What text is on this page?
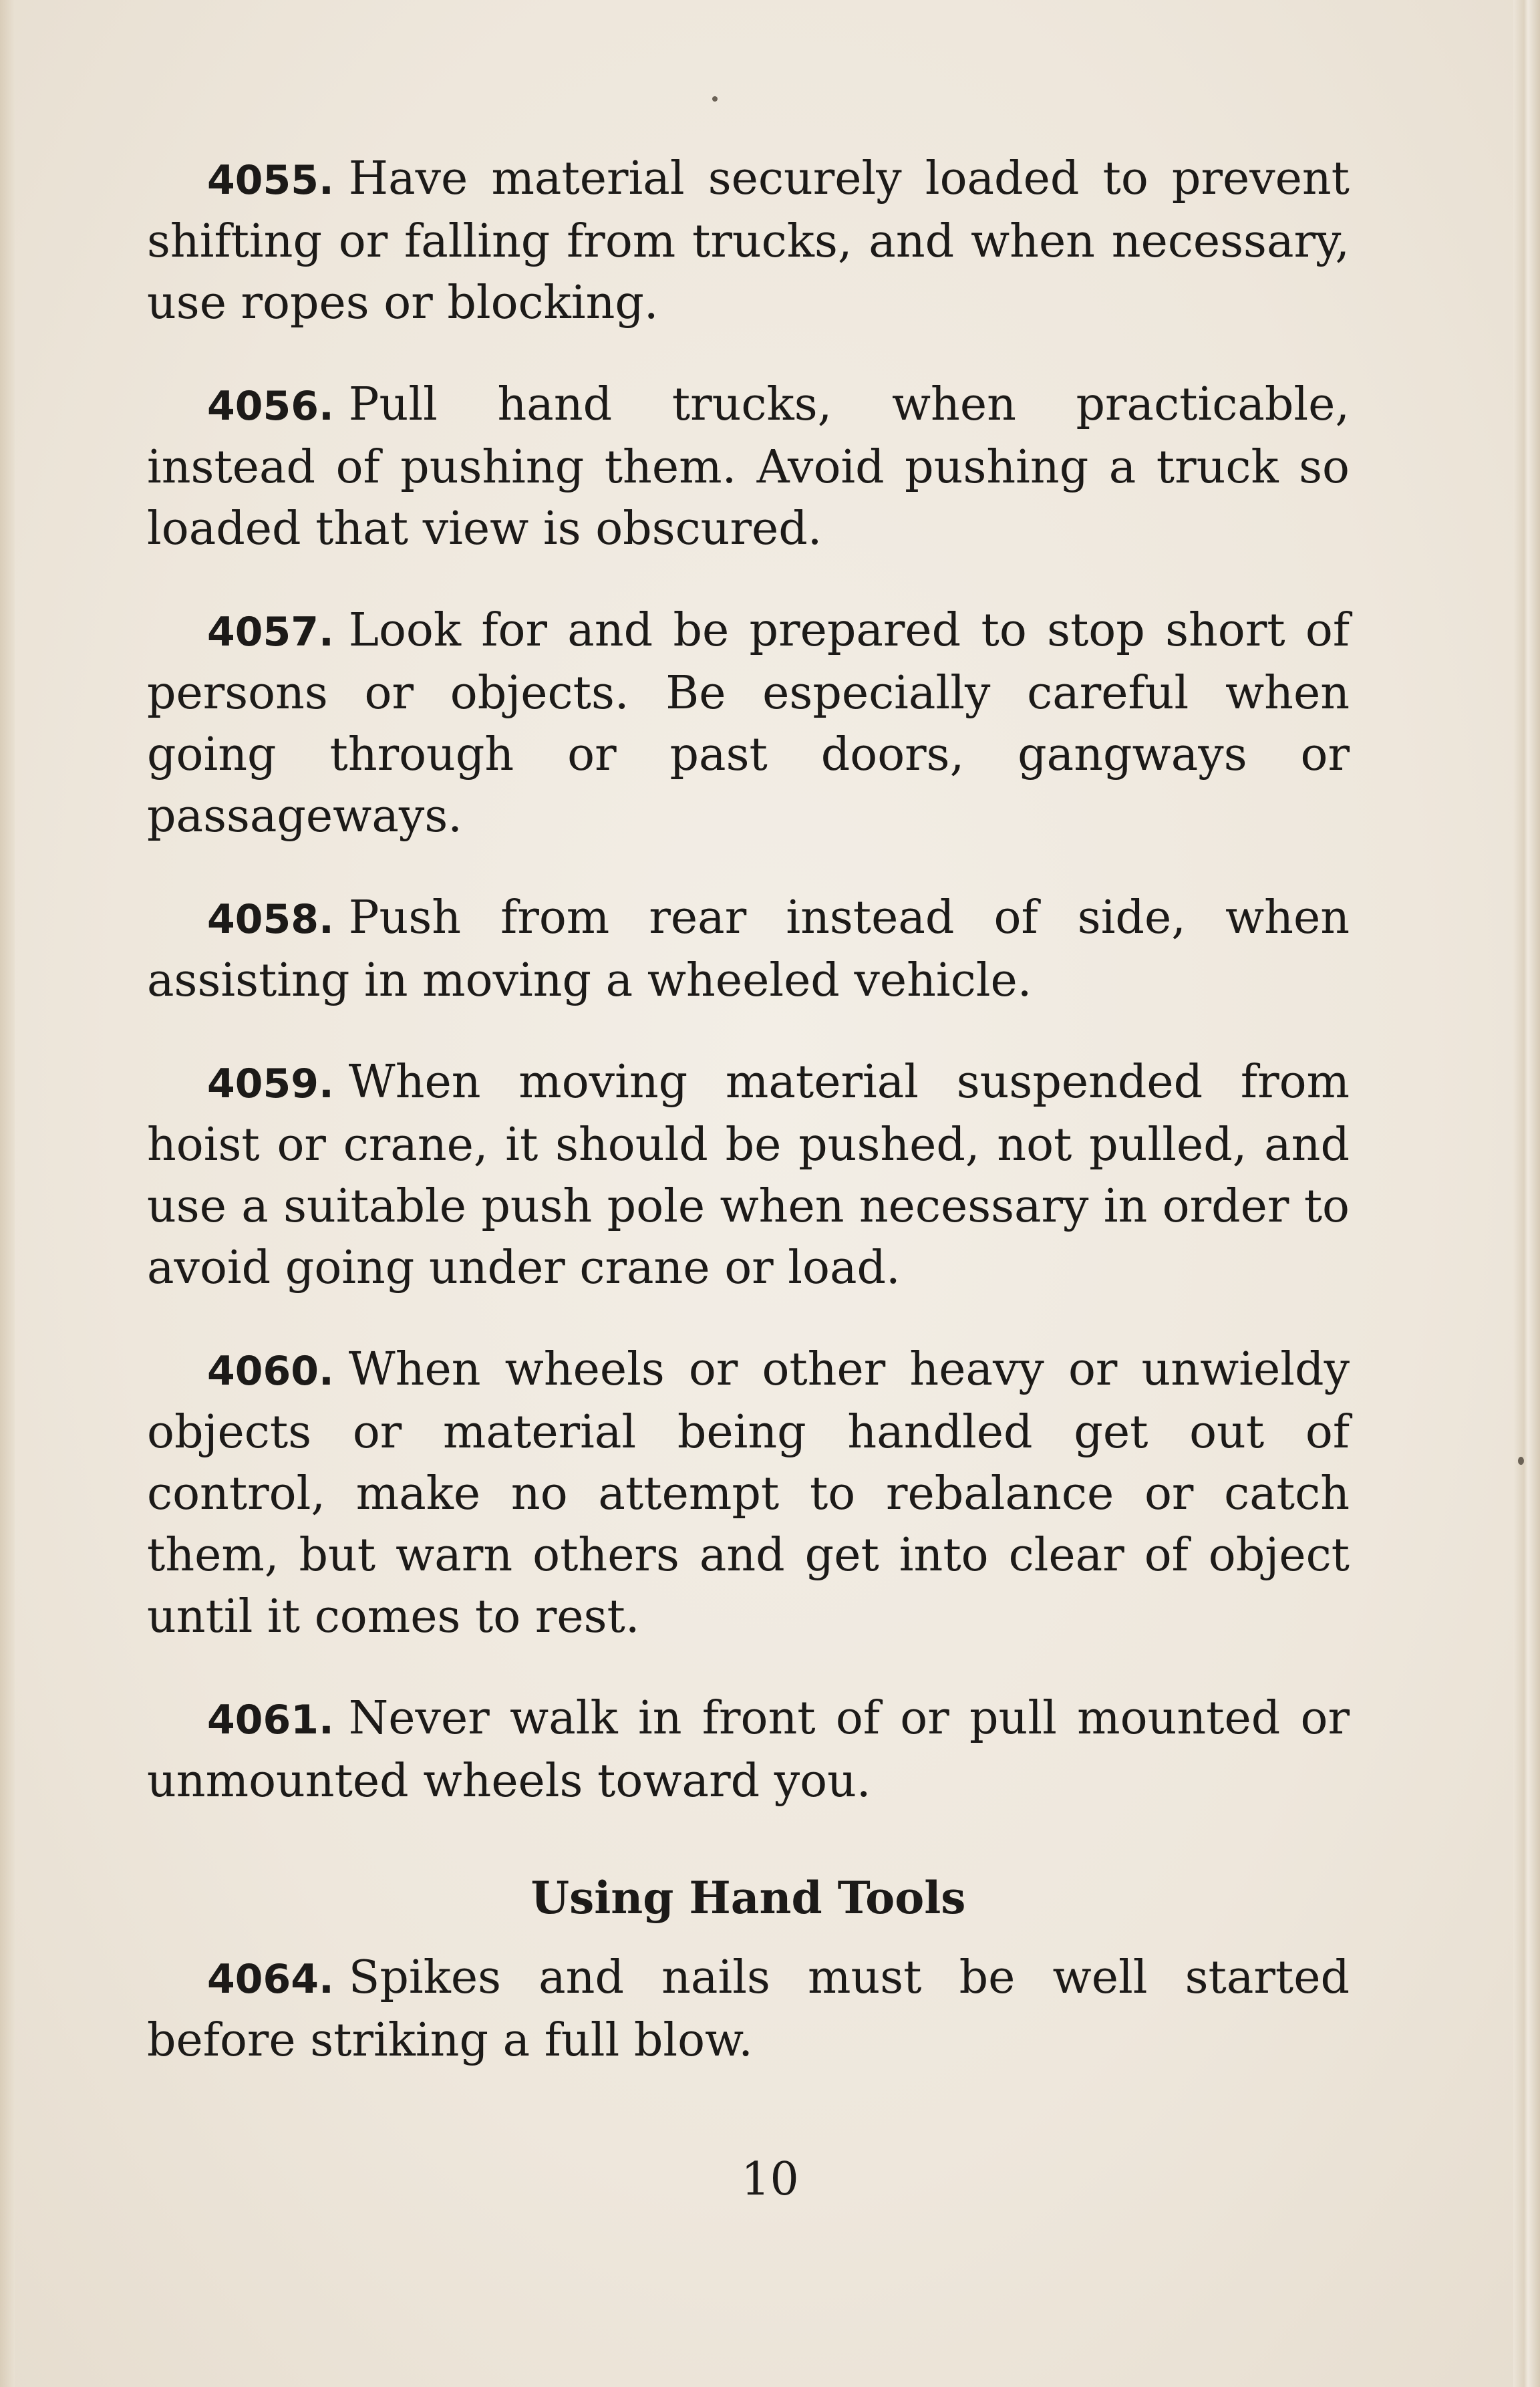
4055. Have material securely loaded to prevent shifting or falling from trucks, and when necessary, use ropes or blocking.

4056. Pull hand trucks, when practicable, instead of pushing them. Avoid pushing a truck so loaded that view is obscured.

4057. Look for and be prepared to stop short of persons or objects. Be especially careful when going through or past doors, gangways or passageways.

4058. Push from rear instead of side, when assisting in moving a wheeled vehicle.

4059. When moving material suspended from hoist or crane, it should be pushed, not pulled, and use a suitable push pole when necessary in order to avoid going under crane or load.

4060. When wheels or other heavy or unwieldy objects or material being handled get out of control, make no attempt to rebalance or catch them, but warn others and get into clear of object until it comes to rest.

4061. Never walk in front of or pull mounted or unmounted wheels toward you.

Using Hand Tools

4064. Spikes and nails must be well started before striking a full blow.

10
